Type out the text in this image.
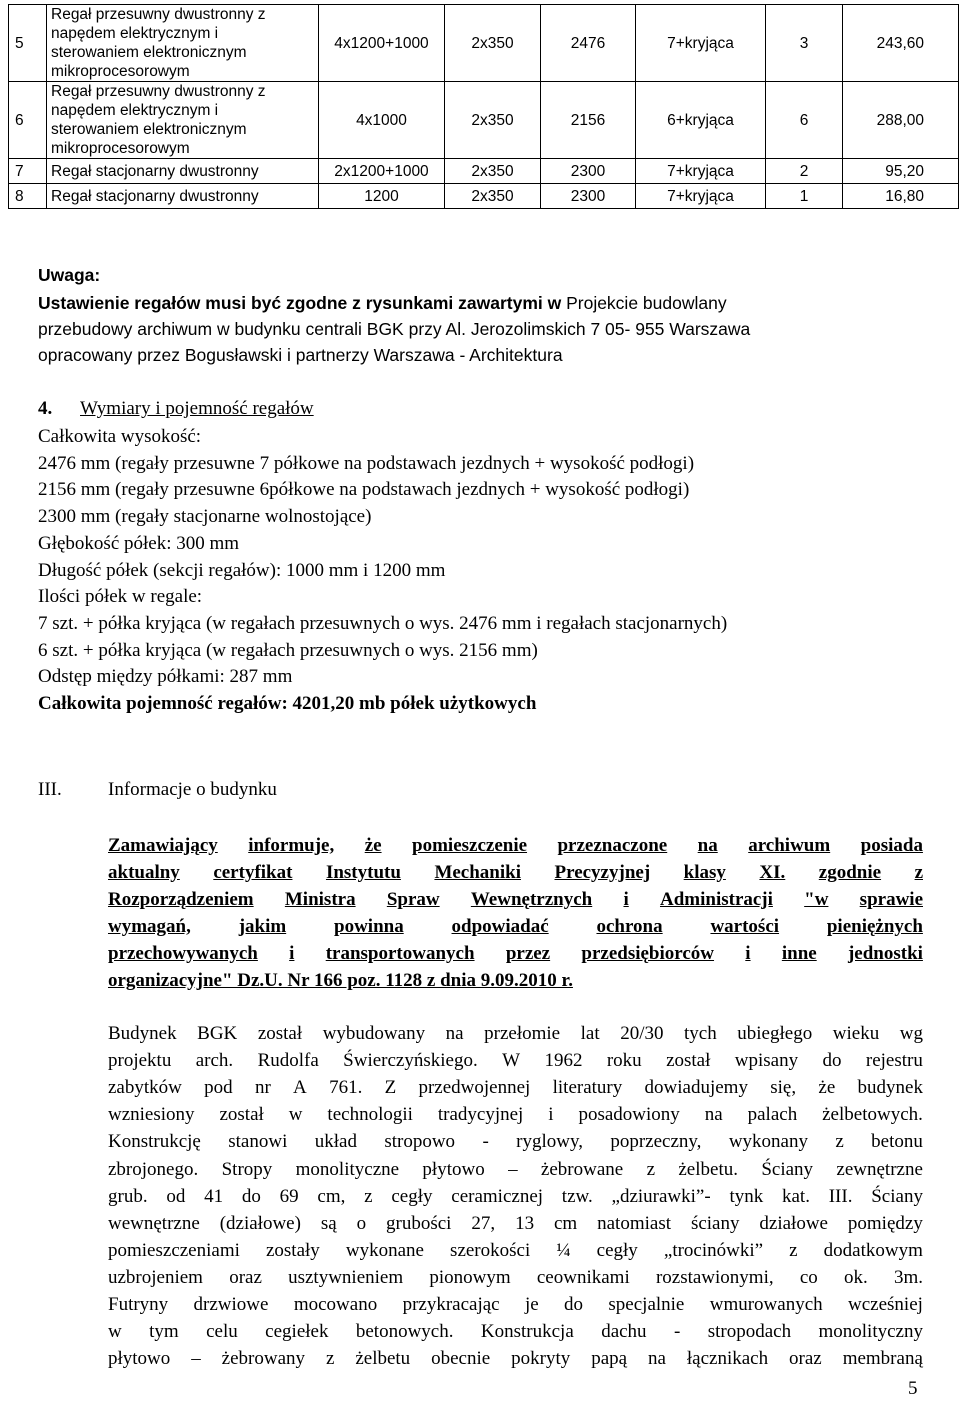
5	Regał przesuwny dwustronny z
napędem elektrycznym i
sterowaniem elektronicznym
mikroprocesorowym	4x1200+1000	2x350	2476	7+kryjąca	3	243,60
6	Regał przesuwny dwustronny z
napędem elektrycznym i
sterowaniem elektronicznym
mikroprocesorowym	4x1000	2x350	2156	6+kryjąca	6	288,00
7	Regał stacjonarny dwustronny	2x1200+1000	2x350	2300	7+kryjąca	2	95,20
8	Regał stacjonarny dwustronny	1200	2x350	2300	7+kryjąca	1	16,80
Uwaga:
Ustawienie regałów musi być zgodne z rysunkami zawartymi w Projekcie budowlany
przebudowy archiwum w budynku centrali BGK przy Al. Jerozolimskich 7 05- 955 Warszawa
opracowany przez Bogusławski i partnerzy Warszawa - Architektura
4. Wymiary i pojemność regałów
Całkowita wysokość:
2476 mm (regały przesuwne 7 półkowe na podstawach jezdnych + wysokość podłogi)
2156 mm (regały przesuwne 6półkowe na podstawach jezdnych + wysokość podłogi)
2300 mm (regały stacjonarne wolnostojące)
Głębokość półek: 300 mm
Długość półek (sekcji regałów): 1000 mm i 1200 mm
Ilości półek w regale:
7 szt. + półka kryjąca (w regałach przesuwnych o wys. 2476 mm i regałach stacjonarnych)
6 szt. + półka kryjąca (w regałach przesuwnych o wys. 2156 mm)
Odstęp między półkami: 287 mm
Całkowita pojemność regałów: 4201,20 mb półek użytkowych
III. Informacje o budynku
Zamawiający informuje, że pomieszczenie przeznaczone na archiwum posiada
aktualny certyfikat Instytutu Mechaniki Precyzyjnej klasy XI. zgodnie z
Rozporządzeniem Ministra Spraw Wewnętrznych i Administracji "w sprawie
wymagań,	jakim	powinna	odpowiadać	ochrona	wartości	pieniężnych
przechowywanych i transportowanych przez przedsiębiorców i inne jednostki
organizacyjne" Dz.U. Nr 166 poz. 1128 z dnia 9.09.2010 r.
Budynek BGK został wybudowany na przełomie lat 20/30 tych ubiegłego wieku wg
projektu arch. Rudolfa Świerczyńskiego. W 1962 roku został wpisany do rejestru
zabytków pod nr A 761. Z przedwojennej literatury dowiadujemy się, że budynek
wzniesiony został w technologii tradycyjnej i posadowiony na palach żelbetowych.
Konstrukcję stanowi układ stropowo - ryglowy, poprzeczny, wykonany z betonu
zbrojonego. Stropy monolityczne płytowo – żebrowane z żelbetu. Ściany zewnętrzne
grub. od 41 do 69 cm, z cegły ceramicznej tzw. „dziurawki”- tynk kat. III. Ściany
wewnętrzne (działowe) są o grubości 27, 13 cm natomiast ściany działowe pomiędzy
pomieszczeniami zostały wykonane szerokości ¼ cegły „trocinówki” z dodatkowym
uzbrojeniem oraz usztywnieniem pionowym ceownikami rozstawionymi, co ok. 3m.
Futryny drzwiowe mocowano przykracając je do specjalnie wmurowanych wcześniej
w tym celu cegiełek betonowych. Konstrukcja dachu - stropodach monolityczny
płytowo – żebrowany z żelbetu obecnie pokryty papą na łącznikach oraz membraną
5
